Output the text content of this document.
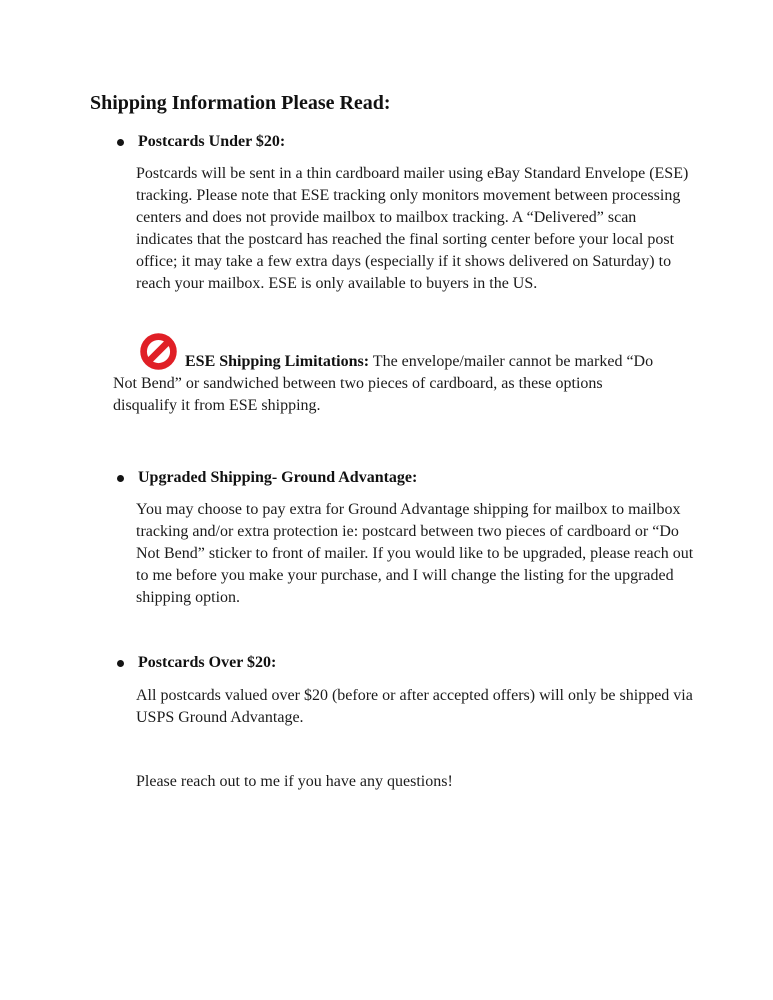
Shipping Information Please Read:
Postcards Under $20:

Postcards will be sent in a thin cardboard mailer using eBay Standard Envelope (ESE) tracking. Please note that ESE tracking only monitors movement between processing centers and does not provide mailbox to mailbox tracking. A “Delivered” scan indicates that the postcard has reached the final sorting center before your local post office; it may take a few extra days (especially if it shows delivered on Saturday) to reach your mailbox. ESE is only available to buyers in the US.

ESE Shipping Limitations: The envelope/mailer cannot be marked “Do Not Bend” or sandwiched between two pieces of cardboard, as these options disqualify it from ESE shipping.

Upgraded Shipping- Ground Advantage:

You may choose to pay extra for Ground Advantage shipping for mailbox to mailbox tracking and/or extra protection ie: postcard between two pieces of cardboard or “Do Not Bend” sticker to front of mailer. If you would like to be upgraded, please reach out to me before you make your purchase, and I will change the listing for the upgraded shipping option.

Postcards Over $20:

All postcards valued over $20 (before or after accepted offers) will only be shipped via USPS Ground Advantage.

Please reach out to me if you have any questions!
